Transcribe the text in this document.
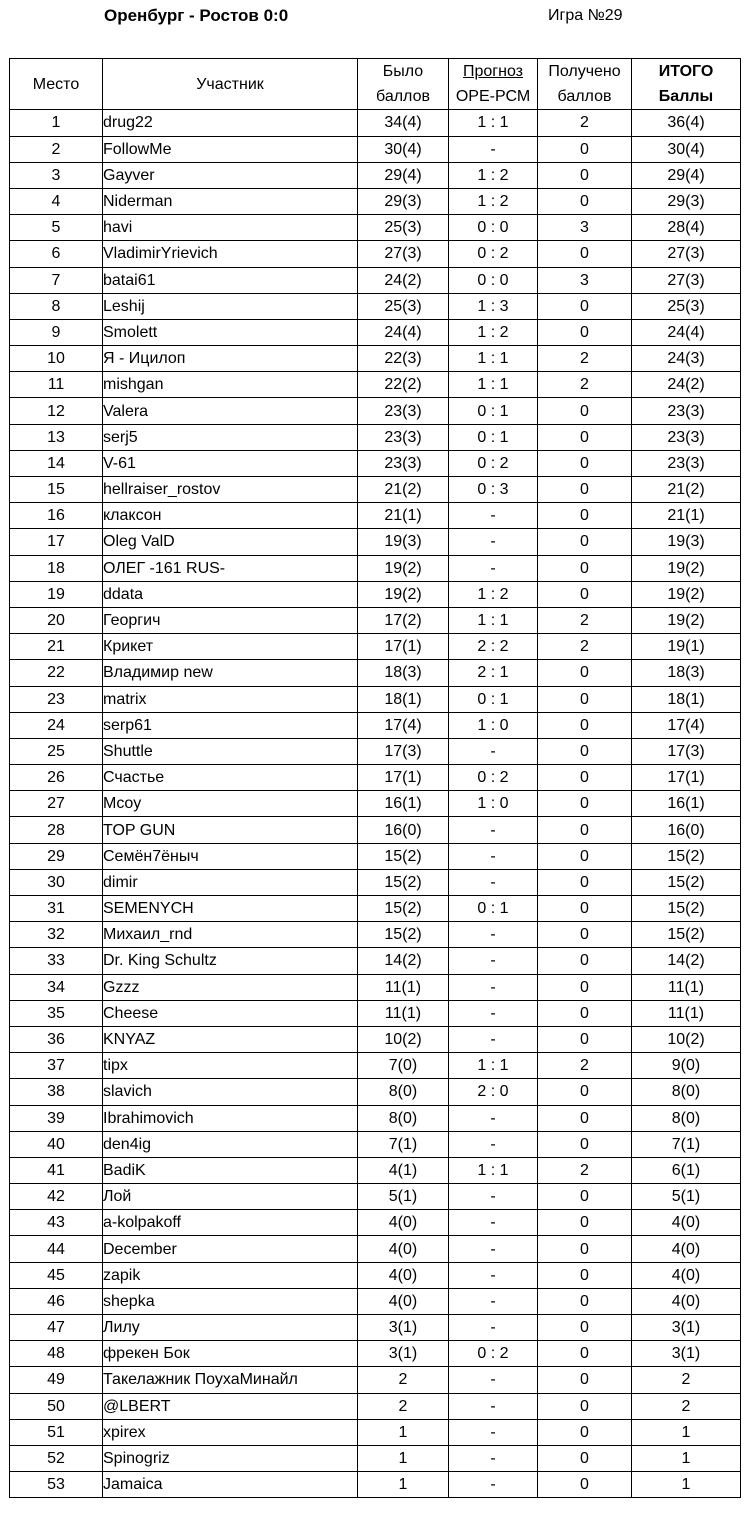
Оренбург - Ростов 0:0	Игра №29
Место	Участник	Было	Прогноз	Получено	ИТОГО
		баллов	ОРЕ-РСМ	баллов	Баллы
1	drug22	34(4)	1 : 1	2	36(4)
2	FollowMe	30(4)	-	0	30(4)
3	Gayver	29(4)	1 : 2	0	29(4)
4	Niderman	29(3)	1 : 2	0	29(3)
5	havi	25(3)	0 : 0	3	28(4)
6	VladimirYrievich	27(3)	0 : 2	0	27(3)
7	batai61	24(2)	0 : 0	3	27(3)
8	Leshij	25(3)	1 : 3	0	25(3)
9	Smolett	24(4)	1 : 2	0	24(4)
10	Я - Ицилоп	22(3)	1 : 1	2	24(3)
11	mishgan	22(2)	1 : 1	2	24(2)
12	Valera	23(3)	0 : 1	0	23(3)
13	serj5	23(3)	0 : 1	0	23(3)
14	V-61	23(3)	0 : 2	0	23(3)
15	hellraiser_rostov	21(2)	0 : 3	0	21(2)
16	клаксон	21(1)	-	0	21(1)
17	Oleg ValD	19(3)	-	0	19(3)
18	ОЛЕГ -161 RUS-	19(2)	-	0	19(2)
19	ddata	19(2)	1 : 2	0	19(2)
20	Георгич	17(2)	1 : 1	2	19(2)
21	Крикет	17(1)	2 : 2	2	19(1)
22	Владимир new	18(3)	2 : 1	0	18(3)
23	matrix	18(1)	0 : 1	0	18(1)
24	serp61	17(4)	1 : 0	0	17(4)
25	Shuttle	17(3)	-	0	17(3)
26	Счастье	17(1)	0 : 2	0	17(1)
27	Mcoy	16(1)	1 : 0	0	16(1)
28	TOP GUN	16(0)	-	0	16(0)
29	Семён7ёныч	15(2)	-	0	15(2)
30	dimir	15(2)	-	0	15(2)
31	SEMENYCH	15(2)	0 : 1	0	15(2)
32	Михаил_rnd	15(2)	-	0	15(2)
33	Dr. King Schultz	14(2)	-	0	14(2)
34	Gzzz	11(1)	-	0	11(1)
35	Cheese	11(1)	-	0	11(1)
36	KNYAZ	10(2)	-	0	10(2)
37	tipx	7(0)	1 : 1	2	9(0)
38	slavich	8(0)	2 : 0	0	8(0)
39	Ibrahimovich	8(0)	-	0	8(0)
40	den4ig	7(1)	-	0	7(1)
41	BadiK	4(1)	1 : 1	2	6(1)
42	Лой	5(1)	-	0	5(1)
43	a-kolpakoff	4(0)	-	0	4(0)
44	December	4(0)	-	0	4(0)
45	zapik	4(0)	-	0	4(0)
46	shepka	4(0)	-	0	4(0)
47	Лилу	3(1)	-	0	3(1)
48	фрекен Бок	3(1)	0 : 2	0	3(1)
49	Такелажник ПоухаМинайл	2	-	0	2
50	@LBERT	2	-	0	2
51	xpirex	1	-	0	1
52	Spinogriz	1	-	0	1
53	Jamaica	1	-	0	1
